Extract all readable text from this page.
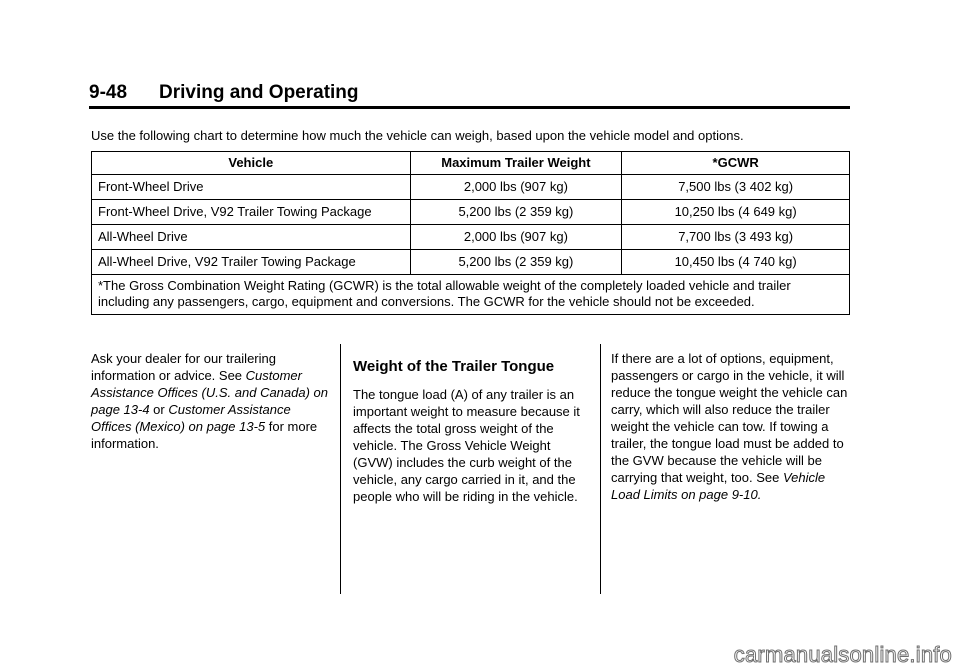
9-48 Driving and Operating
Use the following chart to determine how much the vehicle can weigh, based upon the vehicle model and options.
Vehicle	Maximum Trailer Weight	*GCWR
Front-Wheel Drive	2,000 lbs (907 kg)	7,500 lbs (3 402 kg)
Front-Wheel Drive, V92 Trailer Towing Package	5,200 lbs (2 359 kg)	10,250 lbs (4 649 kg)
All-Wheel Drive	2,000 lbs (907 kg)	7,700 lbs (3 493 kg)
All-Wheel Drive, V92 Trailer Towing Package	5,200 lbs (2 359 kg)	10,450 lbs (4 740 kg)
*The Gross Combination Weight Rating (GCWR) is the total allowable weight of the completely loaded vehicle and trailer including any passengers, cargo, equipment and conversions. The GCWR for the vehicle should not be exceeded.		

Ask your dealer for our trailering information or advice. See Customer Assistance Offices (U.S. and Canada) on page 13-4 or Customer Assistance Offices (Mexico) on page 13-5 for more information.

Weight of the Trailer Tongue

The tongue load (A) of any trailer is an important weight to measure because it affects the total gross weight of the vehicle. The Gross Vehicle Weight (GVW) includes the curb weight of the vehicle, any cargo carried in it, and the people who will be riding in the vehicle.

If there are a lot of options, equipment, passengers or cargo in the vehicle, it will reduce the tongue weight the vehicle can carry, which will also reduce the trailer weight the vehicle can tow. If towing a trailer, the tongue load must be added to the GVW because the vehicle will be carrying that weight, too. See Vehicle Load Limits on page 9-10.

carmanualsonline.info
